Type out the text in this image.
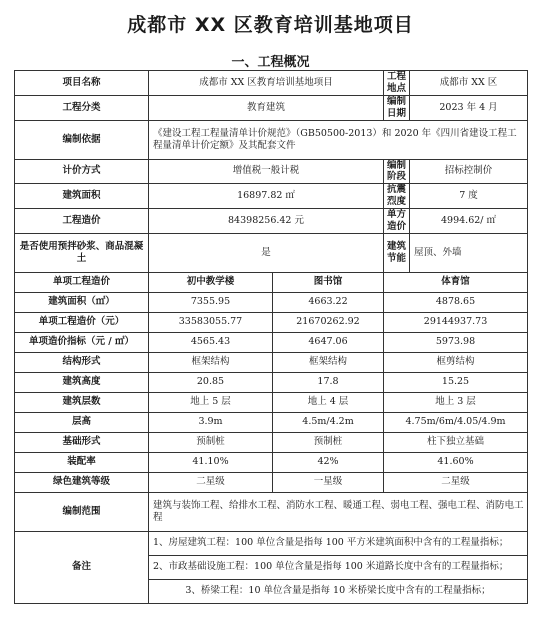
成都市 XX 区教育培训基地项目
一、工程概况
项目名称	成都市 XX 区教育培训基地项目		工程地点	成都市 XX 区
工程分类	教育建筑		编制日期	2023 年 4 月
编制依据	《建设工程工程量清单计价规范》（GB50500-2013）和 2020 年《四川省建设工程工程量清单计价定额》及其配套文件			
计价方式	增值税一般计税		编制阶段	招标控制价
建筑面积	16897.82 ㎡		抗震烈度	7 度
工程造价	84398256.42 元		单方造价	4994.62/ ㎡
是否使用预拌砂浆、商品混凝土	是		建筑节能	屋顶、外墙
单项工程造价	初中教学楼	图书馆	体育馆	
建筑面积（㎡）	7355.95	4663.22	4878.65	
单项工程造价（元）	33583055.77	21670262.92	29144937.73	
单项造价指标（元 / ㎡）	4565.43	4647.06	5973.98	
结构形式	框架结构	框架结构	框剪结构	
建筑高度	20.85	17.8	15.25	
建筑层数	地上 5 层	地上 4 层	地上 3 层	
层高	3.9m	4.5m/4.2m	4.75m/6m/4.05/4.9m	
基础形式	预制桩	预制桩	柱下独立基础	
装配率	41.10%	42%	41.60%	
绿色建筑等级	二星级	一星级	二星级	
编制范围	建筑与装饰工程、给排水工程、消防水工程、暖通工程、弱电工程、强电工程、消防电工程			
备注	1、房屋建筑工程：100 单位含量是指每 100 平方米建筑面积中含有的工程量指标；			
	2、市政基础设施工程：100 单位含量是指每 100 米道路长度中含有的工程量指标；			
	3、桥梁工程：10 单位含量是指每 10 米桥梁长度中含有的工程量指标；			
